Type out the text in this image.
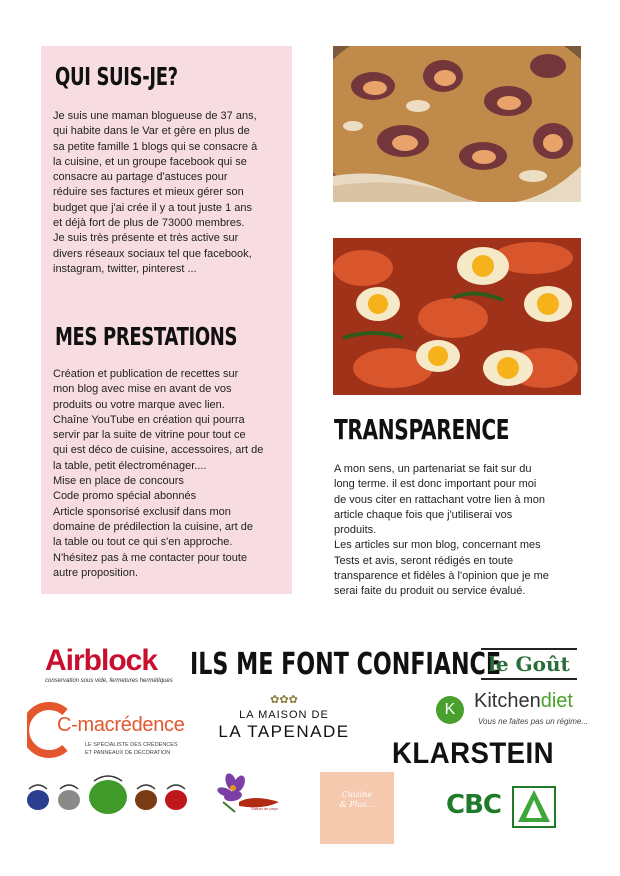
QUI SUIS-JE?
Je suis une maman blogueuse de 37 ans,
qui habite dans le Var et gère en plus de
sa petite famille 1 blogs qui se consacre à
la cuisine, et un groupe facebook qui se
consacre au partage d'astuces pour
réduire ses factures et mieux gérer son
budget que j'ai crée il y a tout juste 1 ans
et déjà fort de plus de 73000 membres.
Je suis très présente et très active sur
divers réseaux sociaux tel que facebook,
instagram, twitter, pinterest ...
MES PRESTATIONS
Création et publication de recettes sur
mon blog avec mise en avant de vos
produits ou votre marque avec lien.
Chaîne YouTube en création qui pourra
servir par la suite de vitrine pour tout ce
qui est déco de cuisine, accessoires, art de
la table, petit électroménager....
Mise en place de concours
Code promo spécial abonnés
Article sponsorisé exclusif dans mon
domaine de prédilection la cuisine, art de
la table ou tout ce qui s'en approche.
N'hésitez pas à me contacter pour toute
autre proposition.
TRANSPARENCE
A mon sens, un partenariat se fait sur du
long terme. il est donc important pour moi
de vous citer en rattachant votre lien à mon
article chaque fois que j'utiliserai vos
produits.
Les articles sur mon blog, concernant mes
Tests et avis, seront rédigés en toute
transparence et fidèles à l'opinion que je me
serai faite du produit ou service évalué.
ILS ME FONT CONFIANCE
Airblock
conservation sous vide, fermetures hermétiques
le Goût
C-macrédence
LE SPÉCIALISTE DES CRÉDENCES
ET PANNEAUX DE DÉCORATION
✿✿✿
LA MAISON DE
LA TAPENADE
K Kitchendiet
Vous ne faites pas un régime...
KLARSTEIN
Safran de pays
Cuisine
& Plus...	CBC
